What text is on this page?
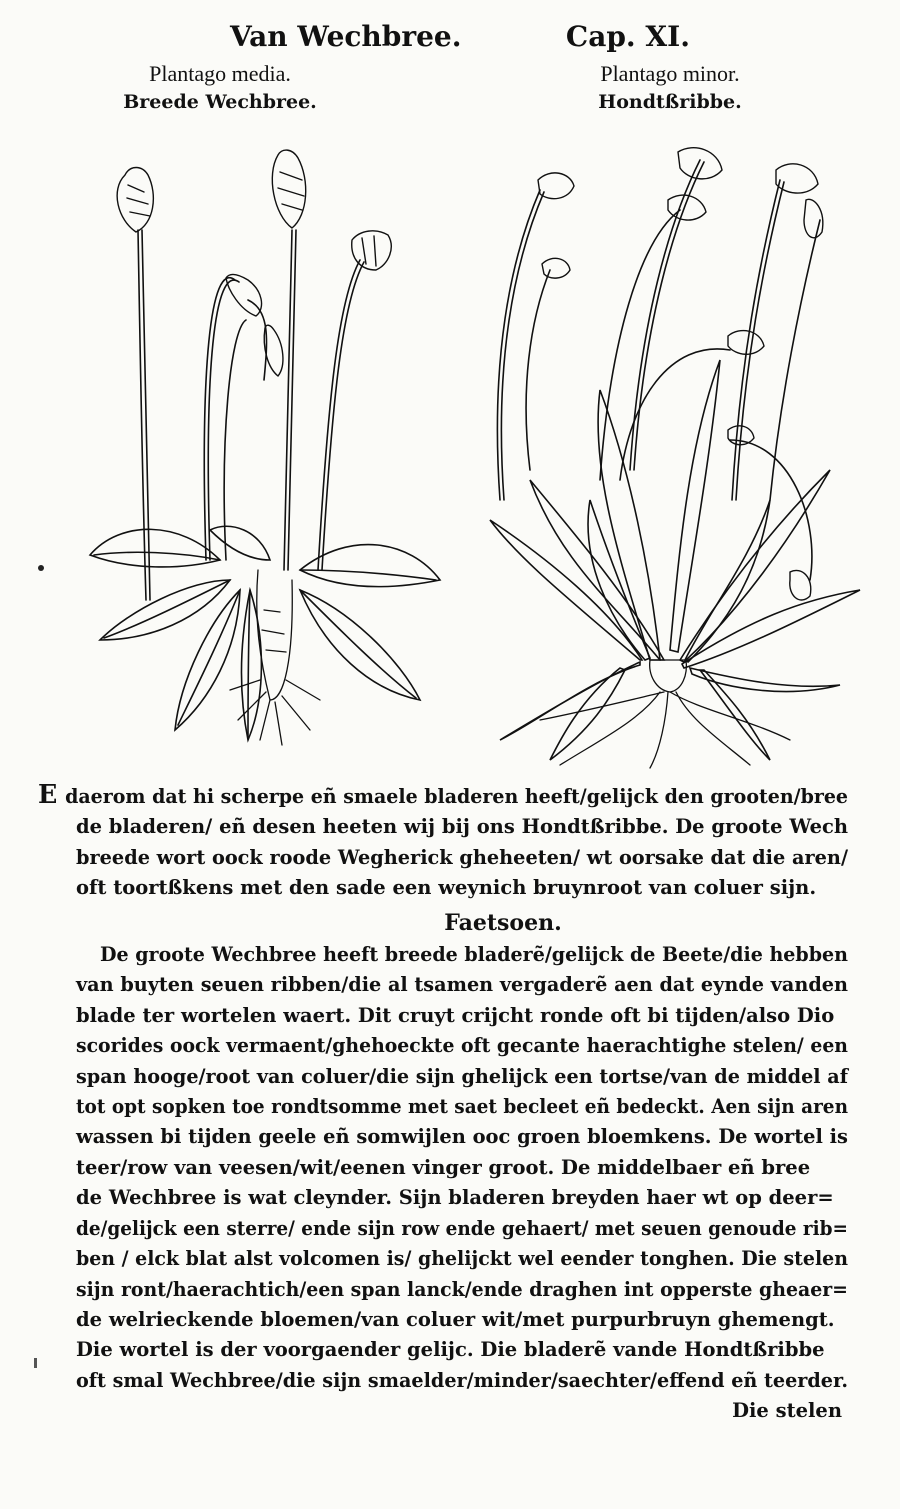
Van Wechbree.	Cap. XI.
Plantago media.
Breede Wechbree.
Plantago minor.
Hondtßribbe.
E daerom dat hi scherpe eñ smaele bladeren heeft/gelijck den grooten/bree
de bladeren/ eñ desen heeten wij bij ons Hondtßribbe. De groote Wech
breede wort oock roode Wegherick gheheeten/ wt oorsake dat die aren/
oft toortßkens met den sade een weynich bruynroot van coluer sijn.
Faetsoen.
De groote Wechbree heeft breede bladerẽ/gelijck de Beete/die hebben
van buyten seuen ribben/die al tsamen vergaderẽ aen dat eynde vanden
blade ter wortelen waert. Dit cruyt crijcht ronde oft bi tijden/also Dio
scorides oock vermaent/ghehoeckte oft gecante haerachtighe stelen/ een
span hooge/root van coluer/die sijn ghelijck een tortse/van de middel af
tot opt sopken toe rondtsomme met saet becleet eñ bedeckt. Aen sijn aren
wassen bi tijden geele eñ somwijlen ooc groen bloemkens. De wortel is
teer/row van veesen/wit/eenen vinger groot. De middelbaer eñ bree
de Wechbree is wat cleynder. Sijn bladeren breyden haer wt op deer=
de/gelijck een sterre/ ende sijn row ende gehaert/ met seuen genoude rib=
ben / elck blat alst volcomen is/ ghelijckt wel eender tonghen. Die stelen
sijn ront/haerachtich/een span lanck/ende draghen int opperste gheaer=
de welrieckende bloemen/van coluer wit/met purpurbruyn ghemengt.
Die wortel is der voorgaender gelijc. Die bladerẽ vande Hondtßribbe
oft smal Wechbree/die sijn smaelder/minder/saechter/effend eñ teerder.
Die stelen
